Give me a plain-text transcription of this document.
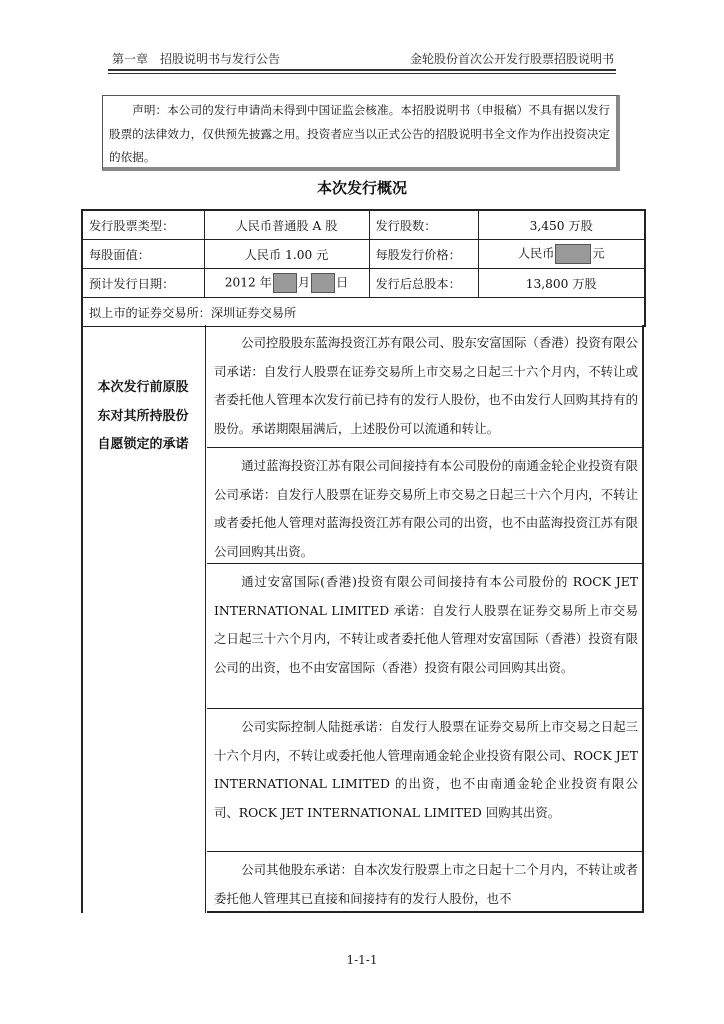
第一章　招股说明书与发行公告	金轮股份首次公开发行股票招股说明书
声明：本公司的发行申请尚未得到中国证监会核准。本招股说明书（申报稿）不具有据以发行股票的法律效力，仅供预先披露之用。投资者应当以正式公告的招股说明书全文作为作出投资决定的依据。
本次发行概况
发行股票类型：	人民币普通股 A 股	发行股数：	3,450 万股
每股面值：	人民币 1.00 元	每股发行价格：	人民币 元
预计发行日期：	2012 年 月 日	发行后总股本：	13,800 万股
拟上市的证券交易所：深圳证券交易所			
本次发行前原股
东对其所持股份
自愿锁定的承诺
公司控股股东蓝海投资江苏有限公司、股东安富国际（香港）投资有限公司承诺：自发行人股票在证券交易所上市交易之日起三十六个月内，不转让或者委托他人管理本次发行前已持有的发行人股份，也不由发行人回购其持有的股份。承诺期限届满后，上述股份可以流通和转让。
通过蓝海投资江苏有限公司间接持有本公司股份的南通金轮企业投资有限公司承诺：自发行人股票在证券交易所上市交易之日起三十六个月内，不转让或者委托他人管理对蓝海投资江苏有限公司的出资，也不由蓝海投资江苏有限公司回购其出资。
通过安富国际(香港)投资有限公司间接持有本公司股份的 ROCK JET INTERNATIONAL LIMITED 承诺：自发行人股票在证券交易所上市交易之日起三十六个月内，不转让或者委托他人管理对安富国际（香港）投资有限公司的出资，也不由安富国际（香港）投资有限公司回购其出资。
公司实际控制人陆挺承诺：自发行人股票在证券交易所上市交易之日起三十六个月内，不转让或委托他人管理南通金轮企业投资有限公司、ROCK JET INTERNATIONAL LIMITED 的出资，也不由南通金轮企业投资有限公司、ROCK JET INTERNATIONAL LIMITED 回购其出资。
公司其他股东承诺：自本次发行股票上市之日起十二个月内，不转让或者委托他人管理其已直接和间接持有的发行人股份，也不
1-1-1
